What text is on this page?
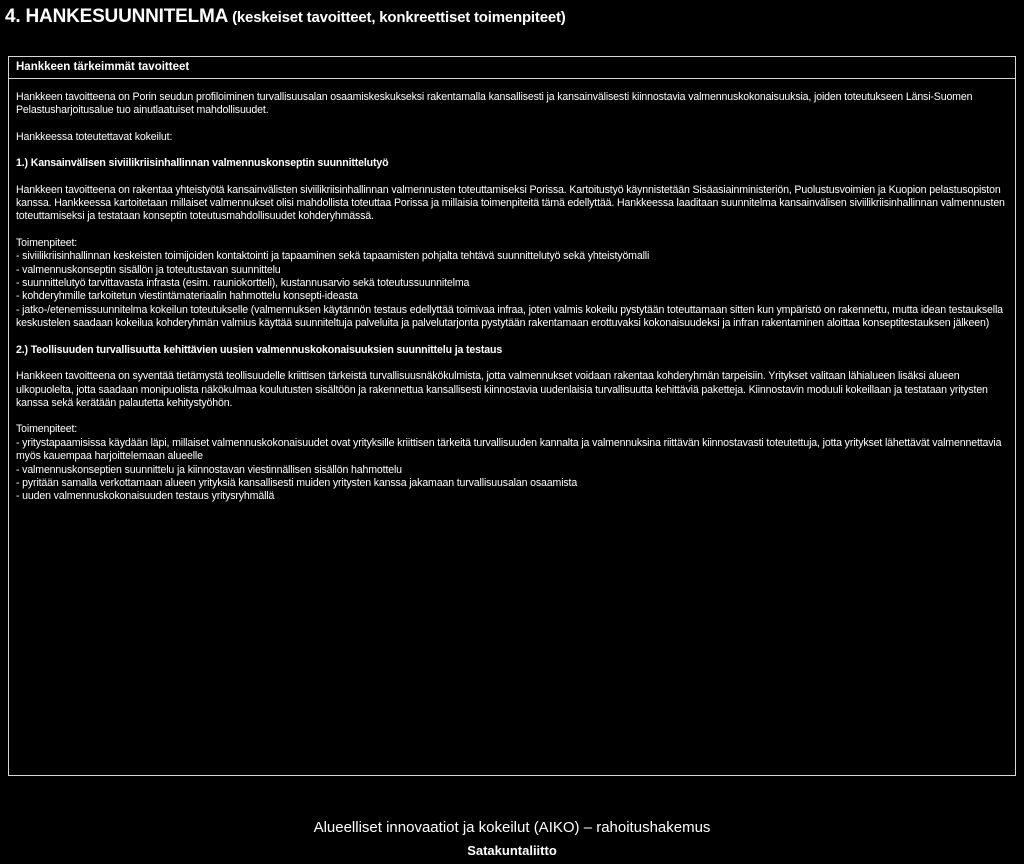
4. HANKESUUNNITELMA (keskeiset tavoitteet, konkreettiset toimenpiteet)
Hankkeen tärkeimmät tavoitteet

Hankkeen tavoitteena on Porin seudun profiloiminen turvallisuusalan osaamiskeskukseksi rakentamalla kansallisesti ja kansainvälisesti kiinnostavia valmennuskokonaisuuksia, joiden toteutukseen Länsi-Suomen Pelastusharjoitusalue tuo ainutlaatuiset mahdollisuudet.

Hankkeessa toteutettavat kokeilut:

1.) Kansainvälisen siviilikriisinhallinnan valmennuskonseptin suunnittelutyö

Hankkeen tavoitteena on rakentaa yhteistyötä kansainvälisten siviilikriisinhallinnan valmennusten toteuttamiseksi Porissa. Kartoitustyö käynnistetään Sisäasiainministeriön, Puolustusvoimien ja Kuopion pelastusopiston kanssa. Hankkeessa kartoitetaan millaiset valmennukset olisi mahdollista toteuttaa Porissa ja millaisia toimenpiteitä tämä edellyttää. Hankkeessa laaditaan suunnitelma kansainvälisen siviilikriisinhallinnan valmennusten toteuttamiseksi ja testataan konseptin toteutusmahdollisuudet kohderyhmässä.

Toimenpiteet:

- siviilikriisinhallinnan keskeisten toimijoiden kontaktointi ja tapaaminen sekä tapaamisten pohjalta tehtävä suunnittelutyö sekä yhteistyömalli
- valmennuskonseptin sisällön ja toteutustavan suunnittelu
- suunnittelutyö tarvittavasta infrasta (esim. rauniokortteli), kustannusarvio sekä toteutussuunnitelma
- kohderyhmille tarkoitetun viestintämateriaalin hahmottelu konsepti-ideasta
- jatko-/etenemissuunnitelma kokeilun toteutukselle (valmennuksen käytännön testaus edellyttää toimivaa infraa, joten valmis kokeilu pystytään toteuttamaan sitten kun ympäristö on rakennettu, mutta idean testauksella keskustelen saadaan kokeilua kohderyhmän valmius käyttää suunniteltuja palveluita ja palvelutarjonta pystytään rakentamaan erottuvaksi kokonaisuudeksi ja infran rakentaminen aloittaa konseptitestauksen jälkeen)

2.) Teollisuuden turvallisuutta kehittävien uusien valmennuskokonaisuuksien suunnittelu ja testaus

Hankkeen tavoitteena on syventää tietämystä teollisuudelle kriittisen tärkeistä turvallisuusnäkökulmista, jotta valmennukset voidaan rakentaa kohderyhmän tarpeisiin. Yritykset valitaan lähialueen lisäksi alueen ulkopuolelta, jotta saadaan monipuolista näkökulmaa koulutusten sisältöön ja rakennettua kansallisesti kiinnostavia uudenlaisia turvallisuutta kehittäviä paketteja. Kiinnostavin moduuli kokeillaan ja testataan yritysten kanssa sekä kerätään palautetta kehitystyöhön.

Toimenpiteet:

- yritystapaamisissa käydään läpi, millaiset valmennuskokonaisuudet ovat yrityksille kriittisen tärkeitä turvallisuuden kannalta ja valmennuksina riittävän kiinnostavasti toteutettuja, jotta yritykset lähettävät valmennettavia myös kauempaa harjoittelemaan alueelle
- valmennuskonseptien suunnittelu ja kiinnostavan viestinnällisen sisällön hahmottelu
- pyritään samalla verkottamaan alueen yrityksiä kansallisesti muiden yritysten kanssa jakamaan turvallisuusalan osaamista
- uuden valmennuskokonaisuuden testaus yritysryhmällä
Alueelliset innovaatiot ja kokeilut (AIKO) – rahoitushakemus
Satakuntaliitto
